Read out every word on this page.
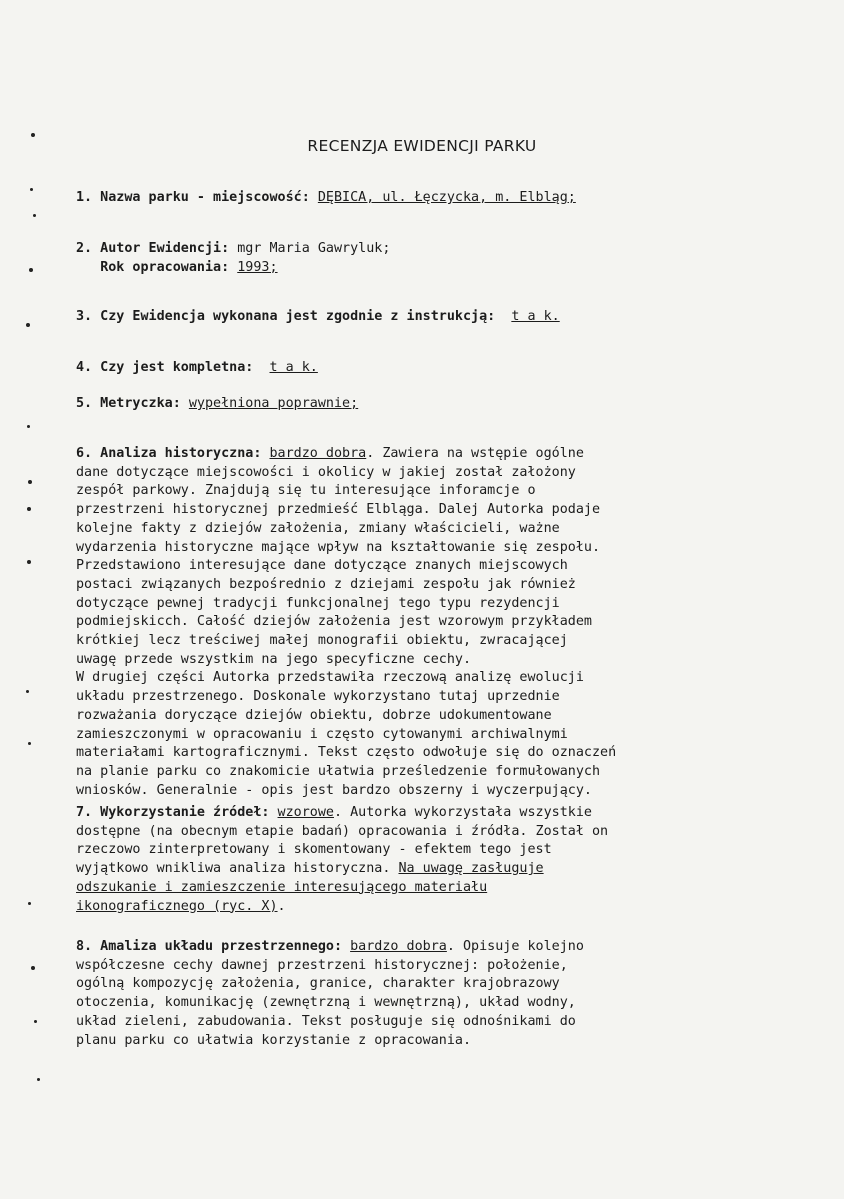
RECENZJA EWIDENCJI PARKU
1. Nazwa parku - miejscowość: DĘBICA, ul. Łęczycka, m. Elbląg;
2. Autor Ewidencji: mgr Maria Gawryluk;
Rok opracowania: 1993;
3. Czy Ewidencja wykonana jest zgodnie z instrukcją: t a k.
4. Czy jest kompletna: t a k.
5. Metryczka: wypełniona poprawnie;
6. Analiza historyczna: bardzo dobra. Zawiera na wstępie ogólne
dane dotyczące miejscowości i okolicy w jakiej został założony
zespół parkowy. Znajdują się tu interesujące inforamcje o
przestrzeni historycznej przedmieść Elbląga. Dalej Autorka podaje
kolejne fakty z dziejów założenia, zmiany właścicieli, ważne
wydarzenia historyczne mające wpływ na kształtowanie się zespołu.
Przedstawiono interesujące dane dotyczące znanych miejscowych
postaci związanych bezpośrednio z dziejami zespołu jak również
dotyczące pewnej tradycji funkcjonalnej tego typu rezydencji
podmiejskicch. Całość dziejów założenia jest wzorowym przykładem
krótkiej lecz treściwej małej monografii obiektu, zwracającej
uwagę przede wszystkim na jego specyficzne cechy.
W drugiej części Autorka przedstawiła rzeczową analizę ewolucji
układu przestrzenego. Doskonale wykorzystano tutaj uprzednie
rozważania doryczące dziejów obiektu, dobrze udokumentowane
zamieszczonymi w opracowaniu i często cytowanymi archiwalnymi
materiałami kartograficznymi. Tekst często odwołuje się do oznaczeń
na planie parku co znakomicie ułatwia prześledzenie formułowanych
wniosków. Generalnie - opis jest bardzo obszerny i wyczerpujący.
7. Wykorzystanie źródeł: wzorowe. Autorka wykorzystała wszystkie
dostępne (na obecnym etapie badań) opracowania i źródła. Został on
rzeczowo zinterpretowany i skomentowany - efektem tego jest
wyjątkowo wnikliwa analiza historyczna. Na uwagę zasługuje
odszukanie i zamieszczenie interesującego materiału
ikonograficznego (ryc. X).
8. Amaliza układu przestrzennego: bardzo dobra. Opisuje kolejno
współczesne cechy dawnej przestrzeni historycznej: położenie,
ogólną kompozycję założenia, granice, charakter krajobrazowy
otoczenia, komunikację (zewnętrzną i wewnętrzną), układ wodny,
układ zieleni, zabudowania. Tekst posługuje się odnośnikami do
planu parku co ułatwia korzystanie z opracowania.
